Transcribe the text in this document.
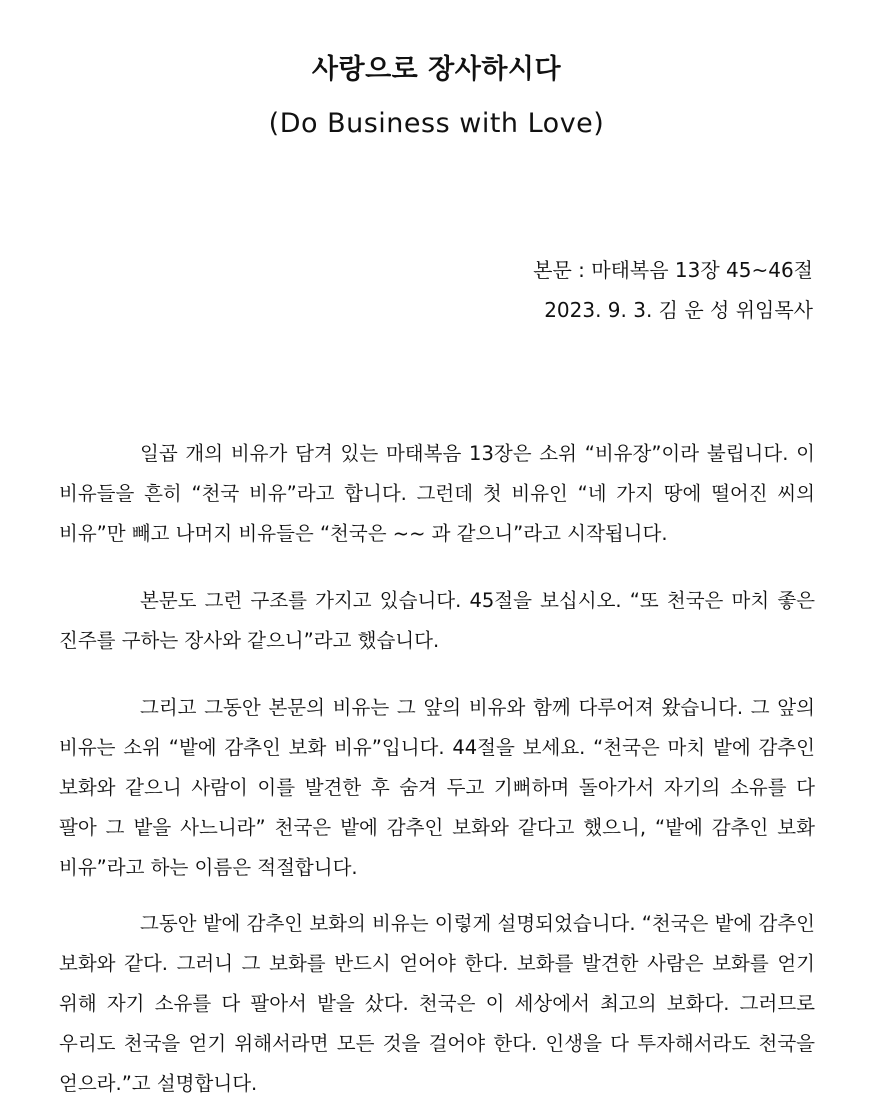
사랑으로 장사하시다
(Do Business with Love)
본문 : 마태복음 13장 45~46절
2023. 9. 3. 김 운 성 위임목사

일곱 개의 비유가 담겨 있는 마태복음 13장은 소위 “비유장”이라 불립니다. 이 비유들을 흔히 “천국 비유”라고 합니다. 그런데 첫 비유인 “네 가지 땅에 떨어진 씨의 비유”만 빼고 나머지 비유들은 “천국은 ~~ 과 같으니”라고 시작됩니다.

본문도 그런 구조를 가지고 있습니다. 45절을 보십시오. “또 천국은 마치 좋은 진주를 구하는 장사와 같으니”라고 했습니다.

그리고 그동안 본문의 비유는 그 앞의 비유와 함께 다루어져 왔습니다. 그 앞의 비유는 소위 “밭에 감추인 보화 비유”입니다. 44절을 보세요. “천국은 마치 밭에 감추인 보화와 같으니 사람이 이를 발견한 후 숨겨 두고 기뻐하며 돌아가서 자기의 소유를 다 팔아 그 밭을 사느니라” 천국은 밭에 감추인 보화와 같다고 했으니, “밭에 감추인 보화 비유”라고 하는 이름은 적절합니다.

그동안 밭에 감추인 보화의 비유는 이렇게 설명되었습니다. “천국은 밭에 감추인 보화와 같다. 그러니 그 보화를 반드시 얻어야 한다. 보화를 발견한 사람은 보화를 얻기 위해 자기 소유를 다 팔아서 밭을 샀다. 천국은 이 세상에서 최고의 보화다. 그러므로 우리도 천국을 얻기 위해서라면 모든 것을 걸어야 한다. 인생을 다 투자해서라도 천국을 얻으라.”고 설명합니다.
